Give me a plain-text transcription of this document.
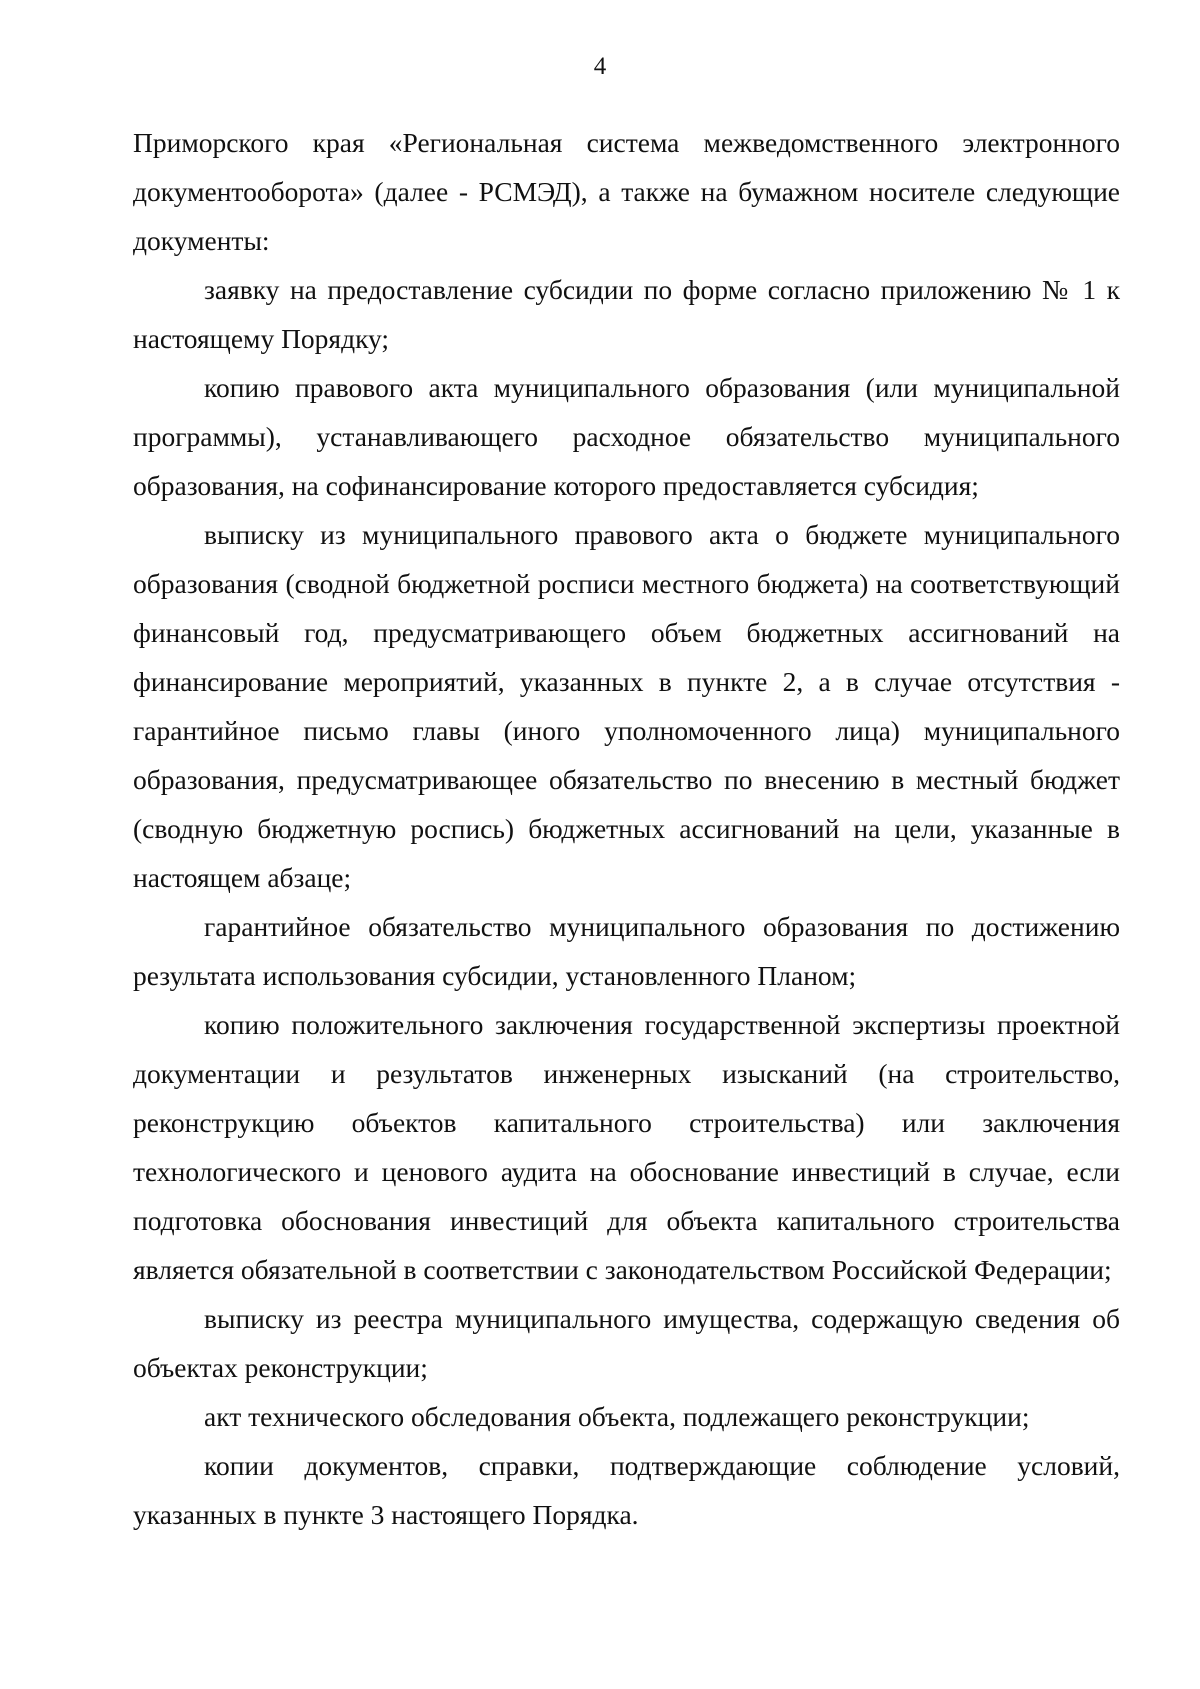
4

Приморского края «Региональная система межведомственного электронного документооборота» (далее - РСМЭД), а также на бумажном носителе следующие документы:

заявку на предоставление субсидии по форме согласно приложению № 1 к настоящему Порядку;

копию правового акта муниципального образования (или муниципальной программы), устанавливающего расходное обязательство муниципального образования, на софинансирование которого предоставляется субсидия;

выписку из муниципального правового акта о бюджете муниципального образования (сводной бюджетной росписи местного бюджета) на соответствующий финансовый год, предусматривающего объем бюджетных ассигнований на финансирование мероприятий, указанных в пункте 2, а в случае отсутствия - гарантийное письмо главы (иного уполномоченного лица) муниципального образования, предусматривающее обязательство по внесению в местный бюджет (сводную бюджетную роспись) бюджетных ассигнований на цели, указанные в настоящем абзаце;

гарантийное обязательство муниципального образования по достижению результата использования субсидии, установленного Планом;

копию положительного заключения государственной экспертизы проектной документации и результатов инженерных изысканий (на строительство, реконструкцию объектов капитального строительства) или заключения технологического и ценового аудита на обоснование инвестиций в случае, если подготовка обоснования инвестиций для объекта капитального строительства является обязательной в соответствии с законодательством Российской Федерации;

выписку из реестра муниципального имущества, содержащую сведения об объектах реконструкции;

акт технического обследования объекта, подлежащего реконструкции;

копии документов, справки, подтверждающие соблюдение условий, указанных в пункте 3 настоящего Порядка.
